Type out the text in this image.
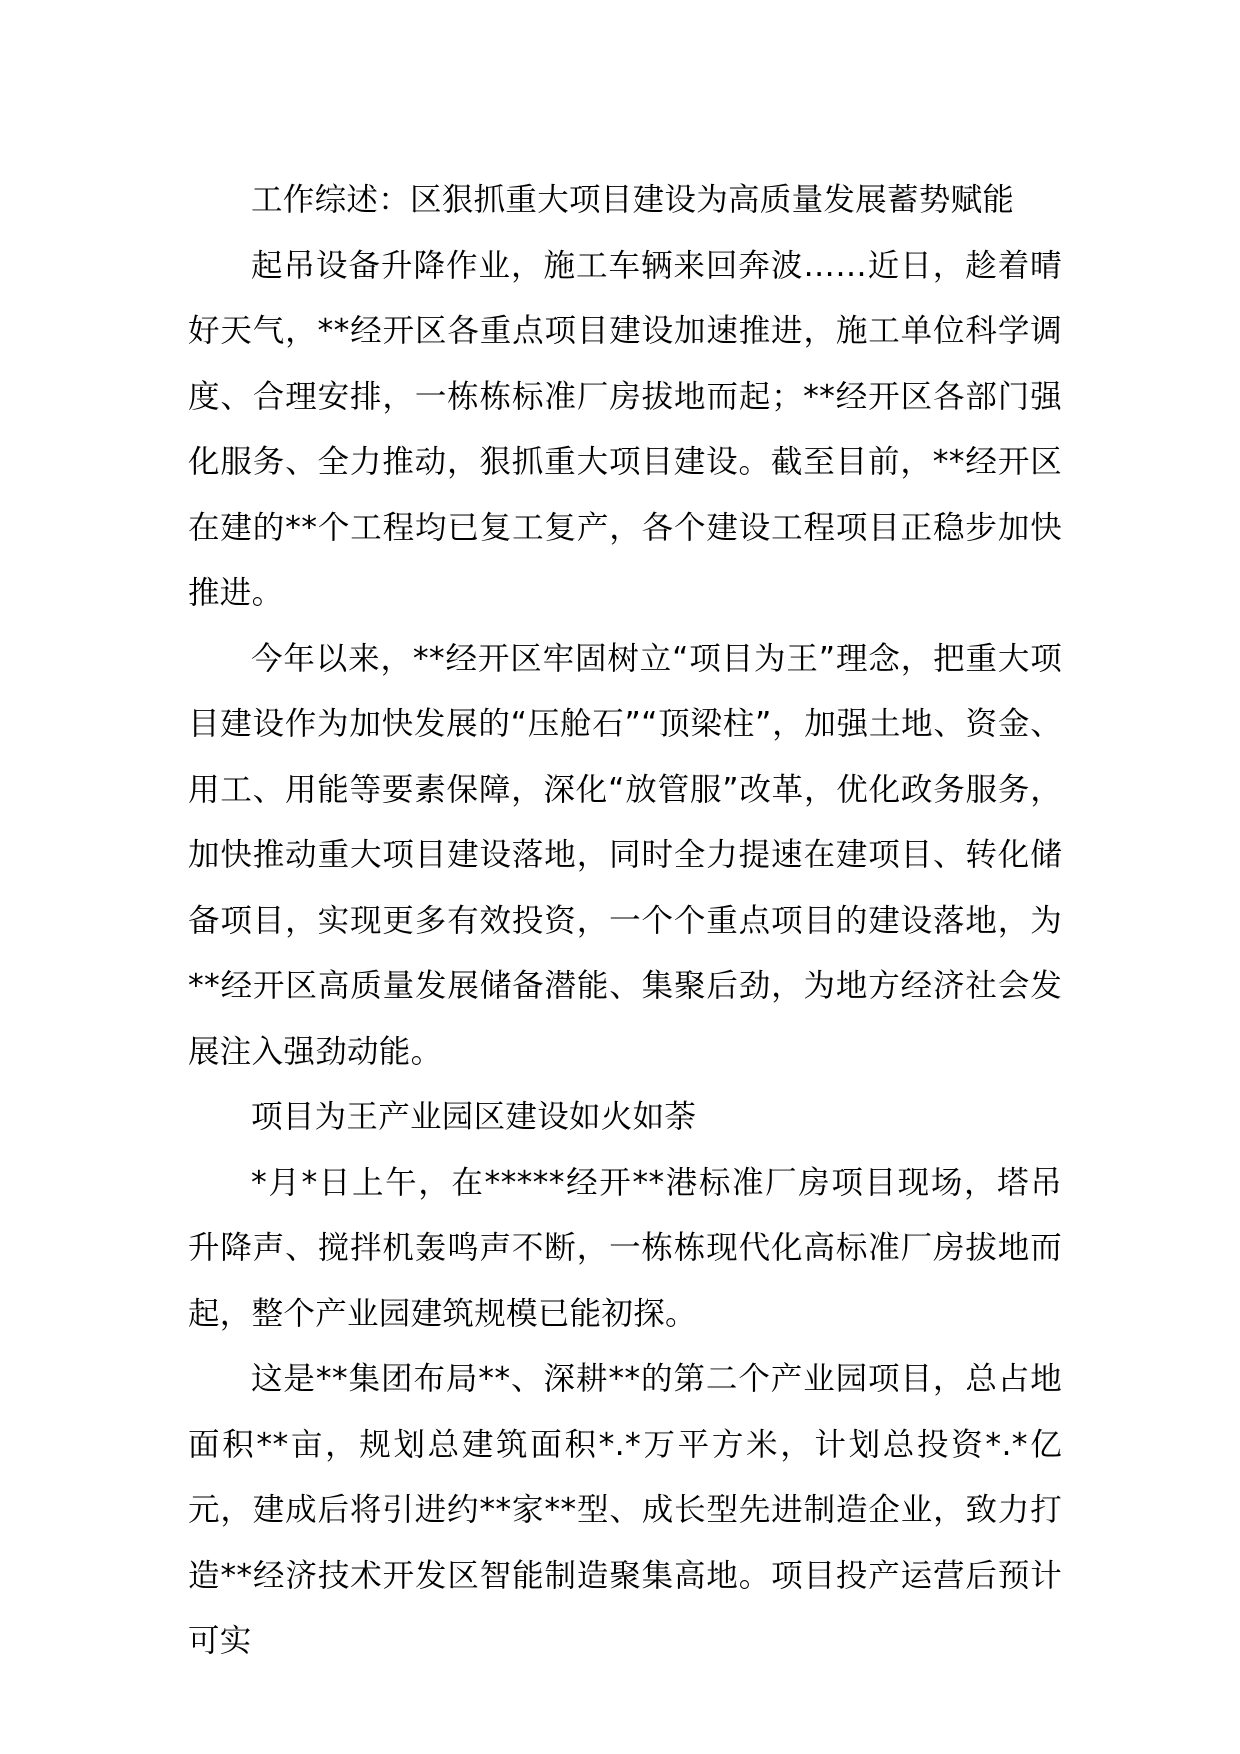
工作综述：区狠抓重大项目建设为高质量发展蓄势赋能

起吊设备升降作业，施工车辆来回奔波……近日，趁着晴好天气，**经开区各重点项目建设加速推进，施工单位科学调度、合理安排，一栋栋标准厂房拔地而起；**经开区各部门强化服务、全力推动，狠抓重大项目建设。截至目前，**经开区在建的**个工程均已复工复产，各个建设工程项目正稳步加快推进。

今年以来，**经开区牢固树立“项目为王”理念，把重大项目建设作为加快发展的“压舱石”“顶梁柱”，加强土地、资金、用工、用能等要素保障，深化“放管服”改革，优化政务服务，加快推动重大项目建设落地，同时全力提速在建项目、转化储备项目，实现更多有效投资，一个个重点项目的建设落地，为**经开区高质量发展储备潜能、集聚后劲，为地方经济社会发展注入强劲动能。

项目为王产业园区建设如火如荼

*月*日上午，在*****经开**港标准厂房项目现场，塔吊升降声、搅拌机轰鸣声不断，一栋栋现代化高标准厂房拔地而起，整个产业园建筑规模已能初探。

这是**集团布局**、深耕**的第二个产业园项目，总占地面积**亩，规划总建筑面积*.*万平方米，计划总投资*.*亿元，建成后将引进约**家**型、成长型先进制造企业，致力打造**经济技术开发区智能制造聚集高地。项目投产运营后预计可实
